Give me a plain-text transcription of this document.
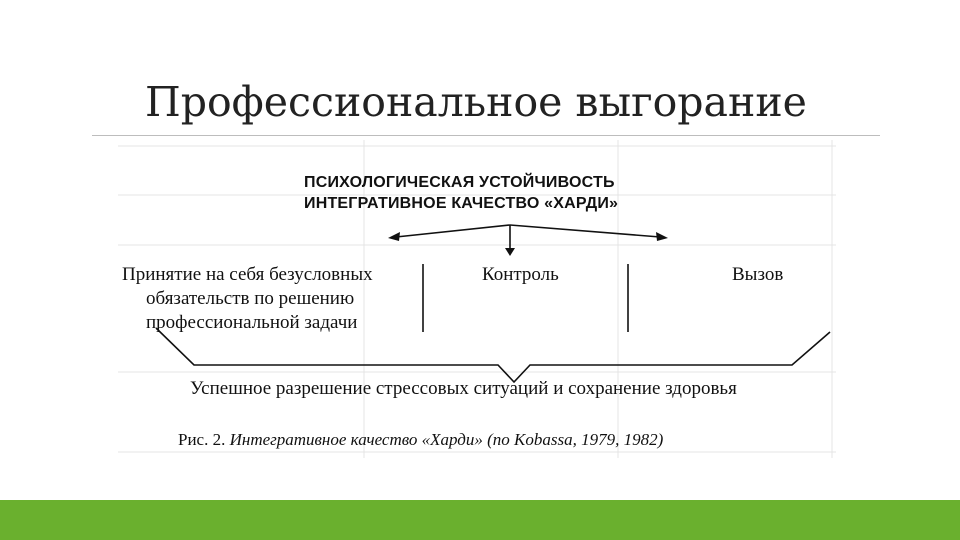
Профессиональное выгорание
ПСИХОЛОГИЧЕСКАЯ УСТОЙЧИВОСТЬ
ИНТЕГРАТИВНОЕ КАЧЕСТВО «ХАРДИ»
Принятие на себя безусловных
обязательств по решению
профессиональной задачи
Контроль	Вызов
Успешное разрешение стрессовых ситуаций и сохранение здоровья
Рис. 2. Интегративное качество «Харди» (по Kobassa, 1979, 1982)
